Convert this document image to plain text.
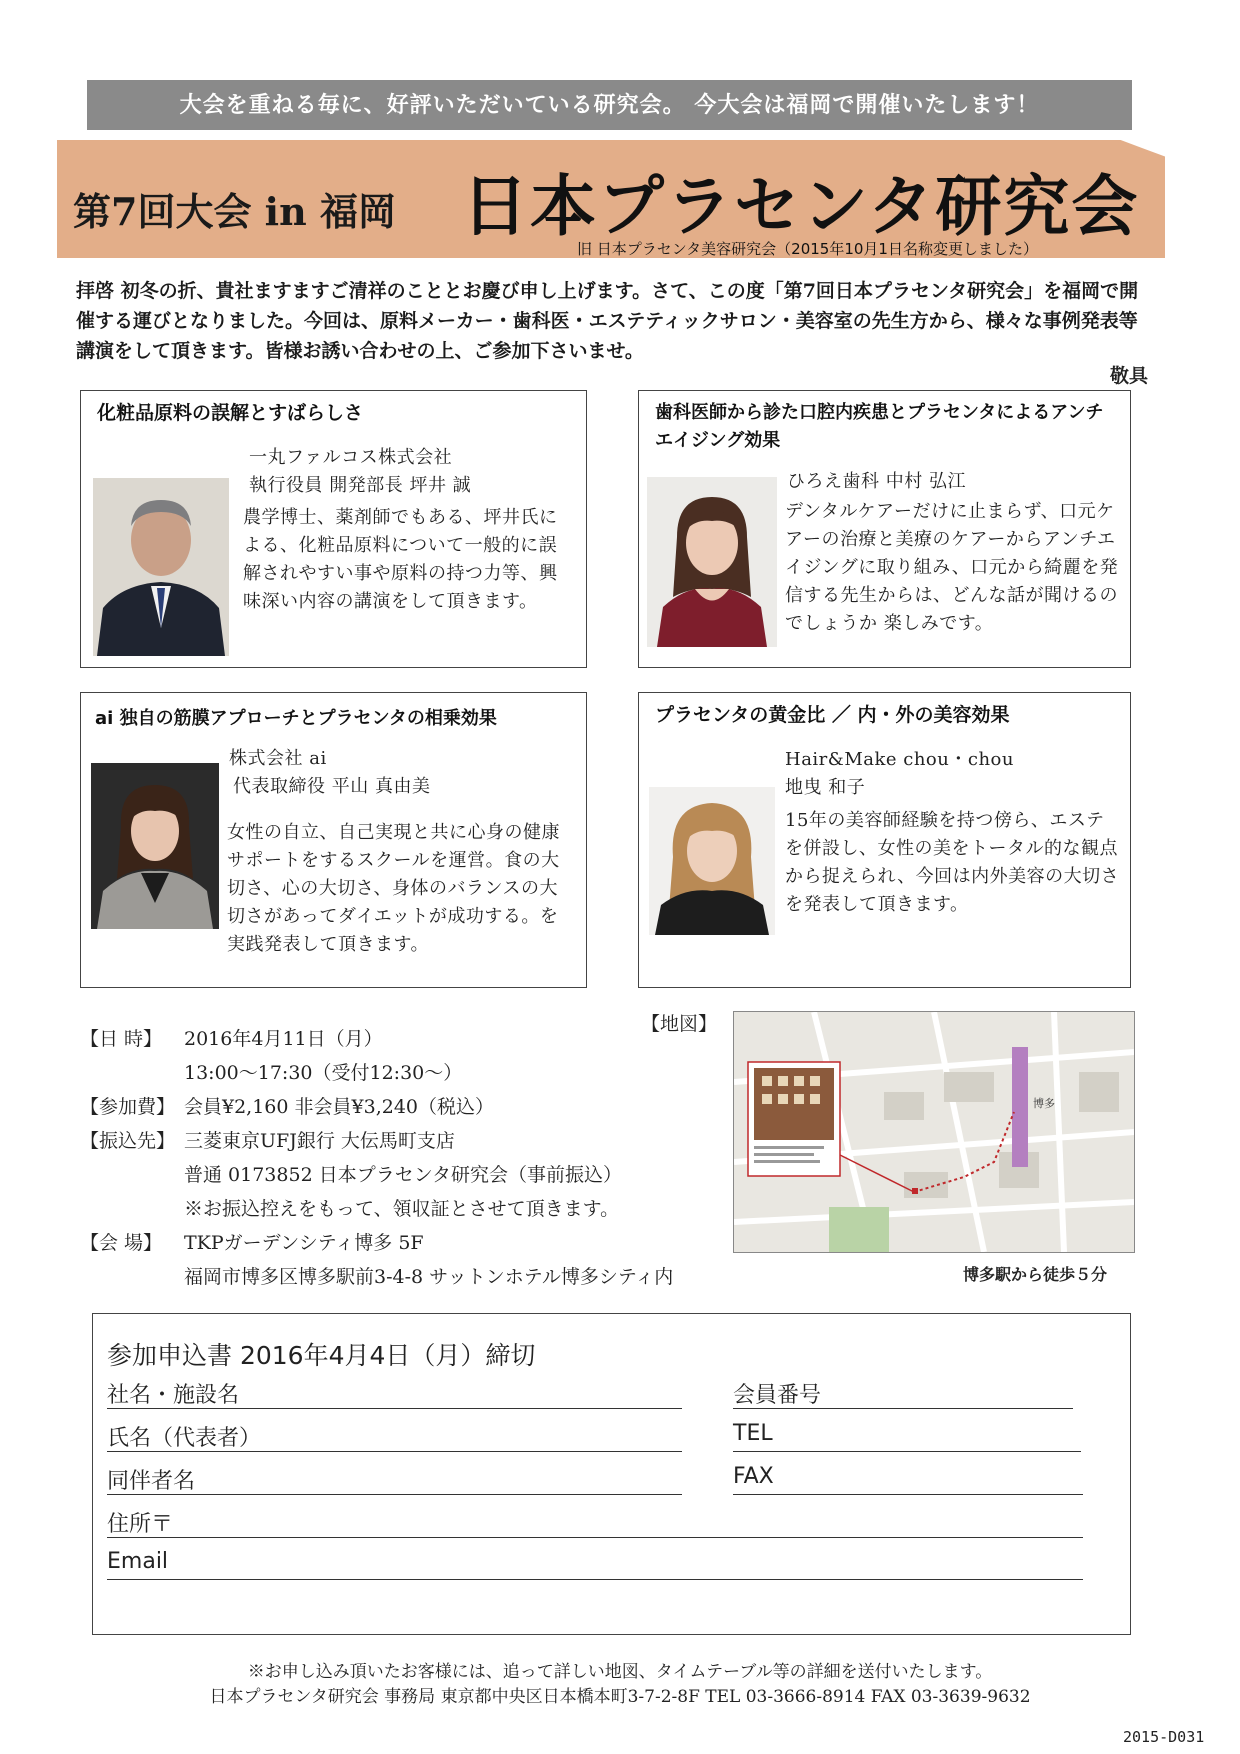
大会を重ねる毎に、好評いただいている研究会。 今大会は福岡で開催いたします！
第7回大会 in 福岡 日本プラセンタ研究会
旧 日本プラセンタ美容研究会（2015年10月1日名称変更しました）
拝啓 初冬の折、貴社ますますご清祥のこととお慶び申し上げます。さて、この度「第7回日本プラセンタ研究会」を福岡で開催する運びとなりました。今回は、原料メーカー・歯科医・エステティックサロン・美容室の先生方から、様々な事例発表等講演をして頂きます。皆様お誘い合わせの上、ご参加下さいませ。
敬具
化粧品原料の誤解とすばらしさ
一丸ファルコス株式会社
執行役員 開発部長 坪井 誠
農学博士、薬剤師でもある、坪井氏による、化粧品原料について一般的に誤解されやすい事や原料の持つ力等、興味深い内容の講演をして頂きます。
歯科医師から診た口腔内疾患とプラセンタによるアンチエイジング効果
ひろえ歯科 中村 弘江
デンタルケアーだけに止まらず、口元ケアーの治療と美療のケアーからアンチエイジングに取り組み、口元から綺麗を発信する先生からは、どんな話が聞けるのでしょうか 楽しみです。
ai 独自の筋膜アプローチとプラセンタの相乗効果
株式会社 ai
代表取締役 平山 真由美
女性の自立、自己実現と共に心身の健康サポートをするスクールを運営。食の大切さ、心の大切さ、身体のバランスの大切さがあってダイエットが成功する。を実践発表して頂きます。
プラセンタの黄金比 ／ 内・外の美容効果
Hair&Make chou・chou
地曳 和子
15年の美容師経験を持つ傍ら、エステを併設し、女性の美をトータル的な観点から捉えられ、今回は内外美容の大切さを発表して頂きます。
【日 時】	2016年4月11日（月）
13:00～17:30（受付12:30～）
【参加費】 会員¥2,160 非会員¥3,240（税込）
【振込先】 三菱東京UFJ銀行 大伝馬町支店
普通 0173852 日本プラセンタ研究会（事前振込）
※お振込控えをもって、領収証とさせて頂きます。
【会 場】	TKPガーデンシティ博多 5F
福岡市博多区博多駅前3-4-8 サットンホテル博多シティ内
【地図】
博多
博多駅から徒歩５分
参加申込書 2016年4月4日（月）締切
社名・施設名	会員番号
氏名（代表者）	TEL
同伴者名	FAX
住所〒
Email
※お申し込み頂いたお客様には、追って詳しい地図、タイムテーブル等の詳細を送付いたします。
日本プラセンタ研究会 事務局 東京都中央区日本橋本町3-7-2-8F TEL 03-3666-8914 FAX 03-3639-9632
2015-D031
